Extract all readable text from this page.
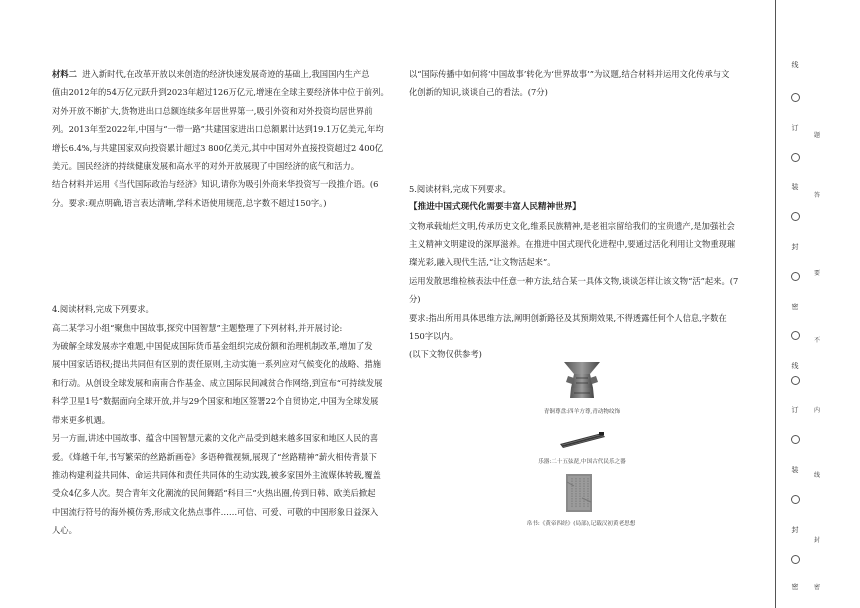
材料二 进入新时代,在改革开放以来创造的经济快速发展奇迹的基础上,我国国内生产总

值由2012年的54万亿元跃升到2023年超过126万亿元,增速在全球主要经济体中位于前列。

对外开放不断扩大,货物进出口总额连续多年居世界第一,吸引外资和对外投资均居世界前

列。2013年至2022年,中国与“一带一路”共建国家进出口总额累计达到19.1万亿美元,年均

增长6.4%,与共建国家双向投资累计超过3 800亿美元,其中中国对外直接投资超过2 400亿

美元。国民经济的持续健康发展和高水平的对外开放展现了中国经济的底气和活力。

结合材料并运用《当代国际政治与经济》知识,请你为吸引外商来华投资写一段推介语。(6

分。要求:观点明确,语言表达清晰,学科术语使用规范,总字数不超过150字。)

4.阅读材料,完成下列要求。

高二某学习小组“聚焦中国故事,探究中国智慧”主题整理了下列材料,并开展讨论:

为破解全球发展赤字难题,中国促成国际货币基金组织完成份额和治理机制改革,增加了发

展中国家话语权;提出共同但有区别的责任原则,主动实施一系列应对气候变化的战略、措施

和行动。从创设全球发展和南南合作基金、成立国际民间减贫合作网络,到宣布“可持续发展

科学卫星1号”数据面向全球开放,并与29个国家和地区签署22个自贸协定,中国为全球发展

带来更多机遇。

另一方面,讲述中国故事、蕴含中国智慧元素的文化产品受到越来越多国家和地区人民的喜

爱。《烽越千年,书写繁荣的丝路新画卷》多语种微视频,展现了“丝路精神”薪火相传背景下

推动构建利益共同体、命运共同体和责任共同体的生动实践,被多家国外主流媒体转载,覆盖

受众4亿多人次。契合青年文化潮流的民间舞蹈“科目三”火热出圈,传到日韩、欧美后掀起

中国流行符号的海外模仿秀,形成文化热点事件……可信、可爱、可敬的中国形象日益深入

人心。

以“国际传播中如何将‘中国故事’转化为‘世界故事’”为议题,结合材料并运用文化传承与文

化创新的知识,谈谈自己的看法。(7分)

5.阅读材料,完成下列要求。

【推进中国式现代化需要丰富人民精神世界】

文物承载灿烂文明,传承历史文化,维系民族精神,是老祖宗留给我们的宝贵遗产,是加强社会

主义精神文明建设的深厚滋养。在推进中国式现代化进程中,要通过活化利用让文物重现璀

璨光彩,融入现代生活,“让文物活起来”。

运用发散思维检核表法中任意一种方法,结合某一具体文物,谈谈怎样让该文物“活”起来。(7

分)

要求:指出所用具体思维方法,阐明创新路径及其预期效果,不得透露任何个人信息,字数在

150字以内。

(以下文物仅供参考)

青铜尊盘:四羊方尊,青动物纹饰
乐器:二十五弦琵,中国古代民乐之器
帛书:《黄帝四经》(局部),记载汉初黄老思想
线
订
装
封
密
线
订
装
封
密
题
答
要
不
内
线
封
密
